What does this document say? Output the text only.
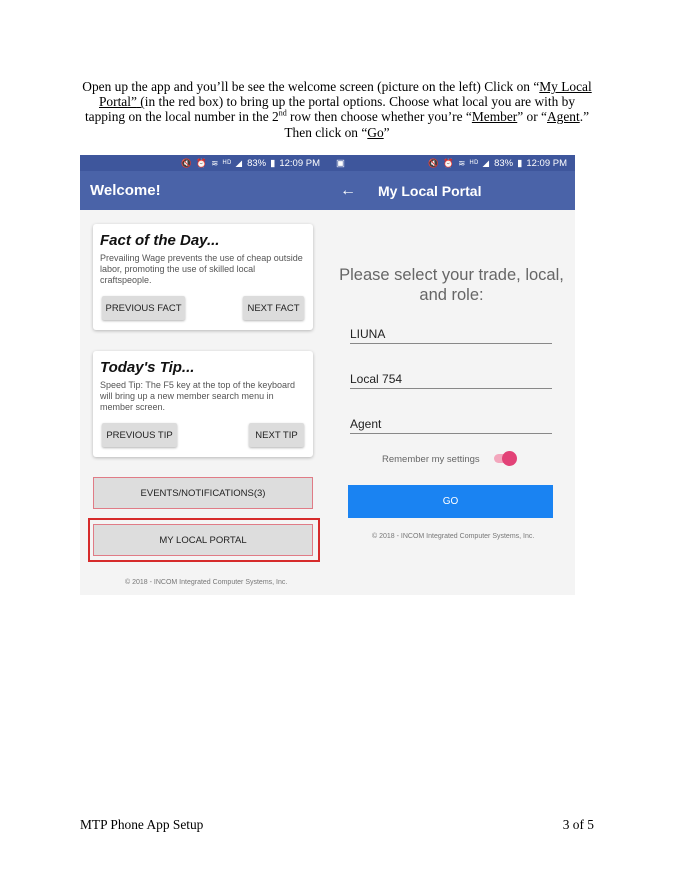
Open up the app and you’ll be see the welcome screen (picture on the left) Click on “My Local Portal” (in the red box) to bring up the portal options. Choose what local you are with by tapping on the local number in the 2nd row then choose whether you’re “Member” or “Agent.” Then click on “Go”
🔇 ⏰ ≋ ᴴᴰ ◢ 83% ▮ 12:09 PM
Welcome!
Fact of the Day...

Prevailing Wage prevents the use of cheap outside labor, promoting the use of skilled local craftspeople.

PREVIOUS FACT	NEXT FACT
Today's Tip...

Speed Tip: The F5 key at the top of the keyboard will bring up a new member search menu in member screen.

PREVIOUS TIP	NEXT TIP
EVENTS/NOTIFICATIONS(3)
MY LOCAL PORTAL
© 2018 - INCOM Integrated Computer Systems, Inc.
▣	🔇 ⏰ ≋ ᴴᴰ ◢ 83% ▮ 12:09 PM
← My Local Portal
Please select your trade, local, and role:
LIUNA
Local 754
Agent
Remember my settings
GO
© 2018 - INCOM Integrated Computer Systems, Inc.
MTP Phone App Setup	3 of 5
